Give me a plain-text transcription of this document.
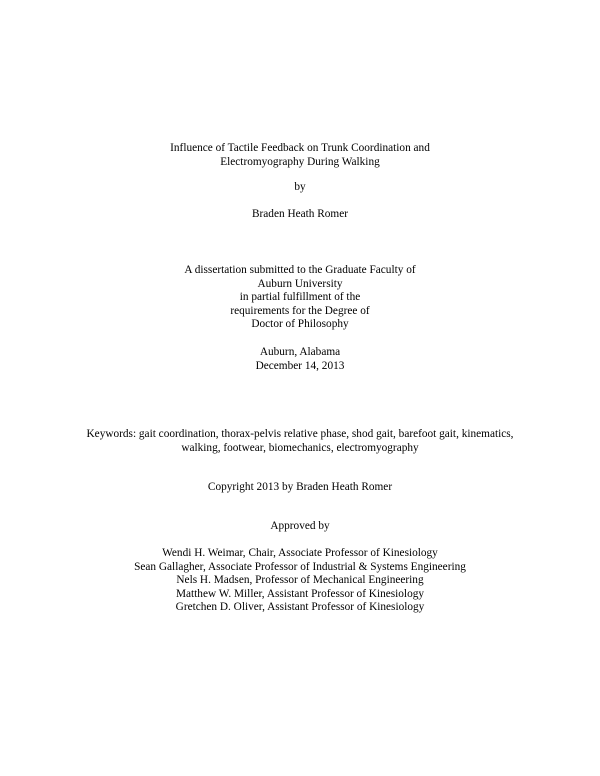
Influence of Tactile Feedback on Trunk Coordination and
Electromyography During Walking
by
Braden Heath Romer
A dissertation submitted to the Graduate Faculty of
Auburn University
in partial fulfillment of the
requirements for the Degree of
Doctor of Philosophy
Auburn, Alabama
December 14, 2013
Keywords: gait coordination, thorax-pelvis relative phase, shod gait, barefoot gait, kinematics,
walking, footwear, biomechanics, electromyography
Copyright 2013 by Braden Heath Romer
Approved by
Wendi H. Weimar, Chair, Associate Professor of Kinesiology
Sean Gallagher, Associate Professor of Industrial & Systems Engineering
Nels H. Madsen, Professor of Mechanical Engineering
Matthew W. Miller, Assistant Professor of Kinesiology
Gretchen D. Oliver, Assistant Professor of Kinesiology
